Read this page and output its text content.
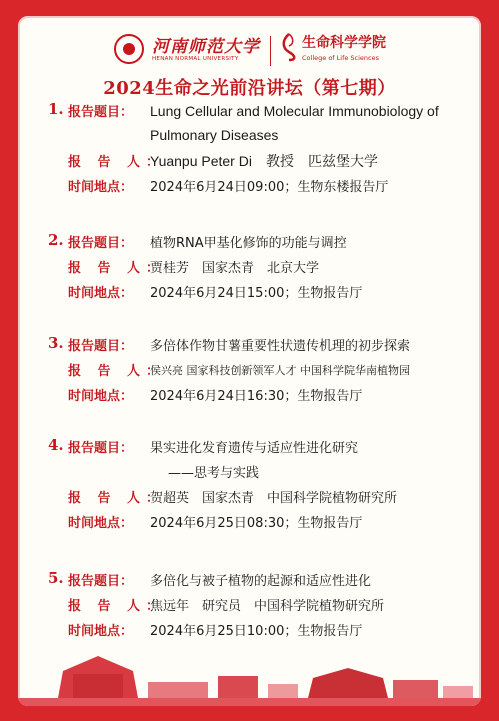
河南师范大学
HENAN NORMAL UNIVERSITY
生命科学学院
College of Life Sciences
2024生命之光前沿讲坛（第七期）
1. 报告题目：	Lung Cellular and Molecular Immunobiology of Pulmonary Diseases
报 告 人：
Yuanpu Peter Di　教授　匹兹堡大学
时间地点：	2024年6月24日09:00；生物东楼报告厅
2. 报告题目：	植物RNA甲基化修饰的功能与调控
报 告 人：
贾桂芳　国家杰青　北京大学
时间地点：	2024年6月24日15:00；生物报告厅
3. 报告题目：	多倍体作物甘薯重要性状遗传机理的初步探索
报 告 人：
侯兴亮 国家科技创新领军人才 中国科学院华南植物园
时间地点：	2024年6月24日16:30；生物报告厅
4. 报告题目：	果实进化发育遗传与适应性进化研究
——思考与实践
报 告 人：
贺超英　国家杰青　中国科学院植物研究所
时间地点：	2024年6月25日08:30；生物报告厅
5. 报告题目：	多倍化与被子植物的起源和适应性进化
报 告 人：
焦远年　研究员　中国科学院植物研究所
时间地点：	2024年6月25日10:00；生物报告厅
